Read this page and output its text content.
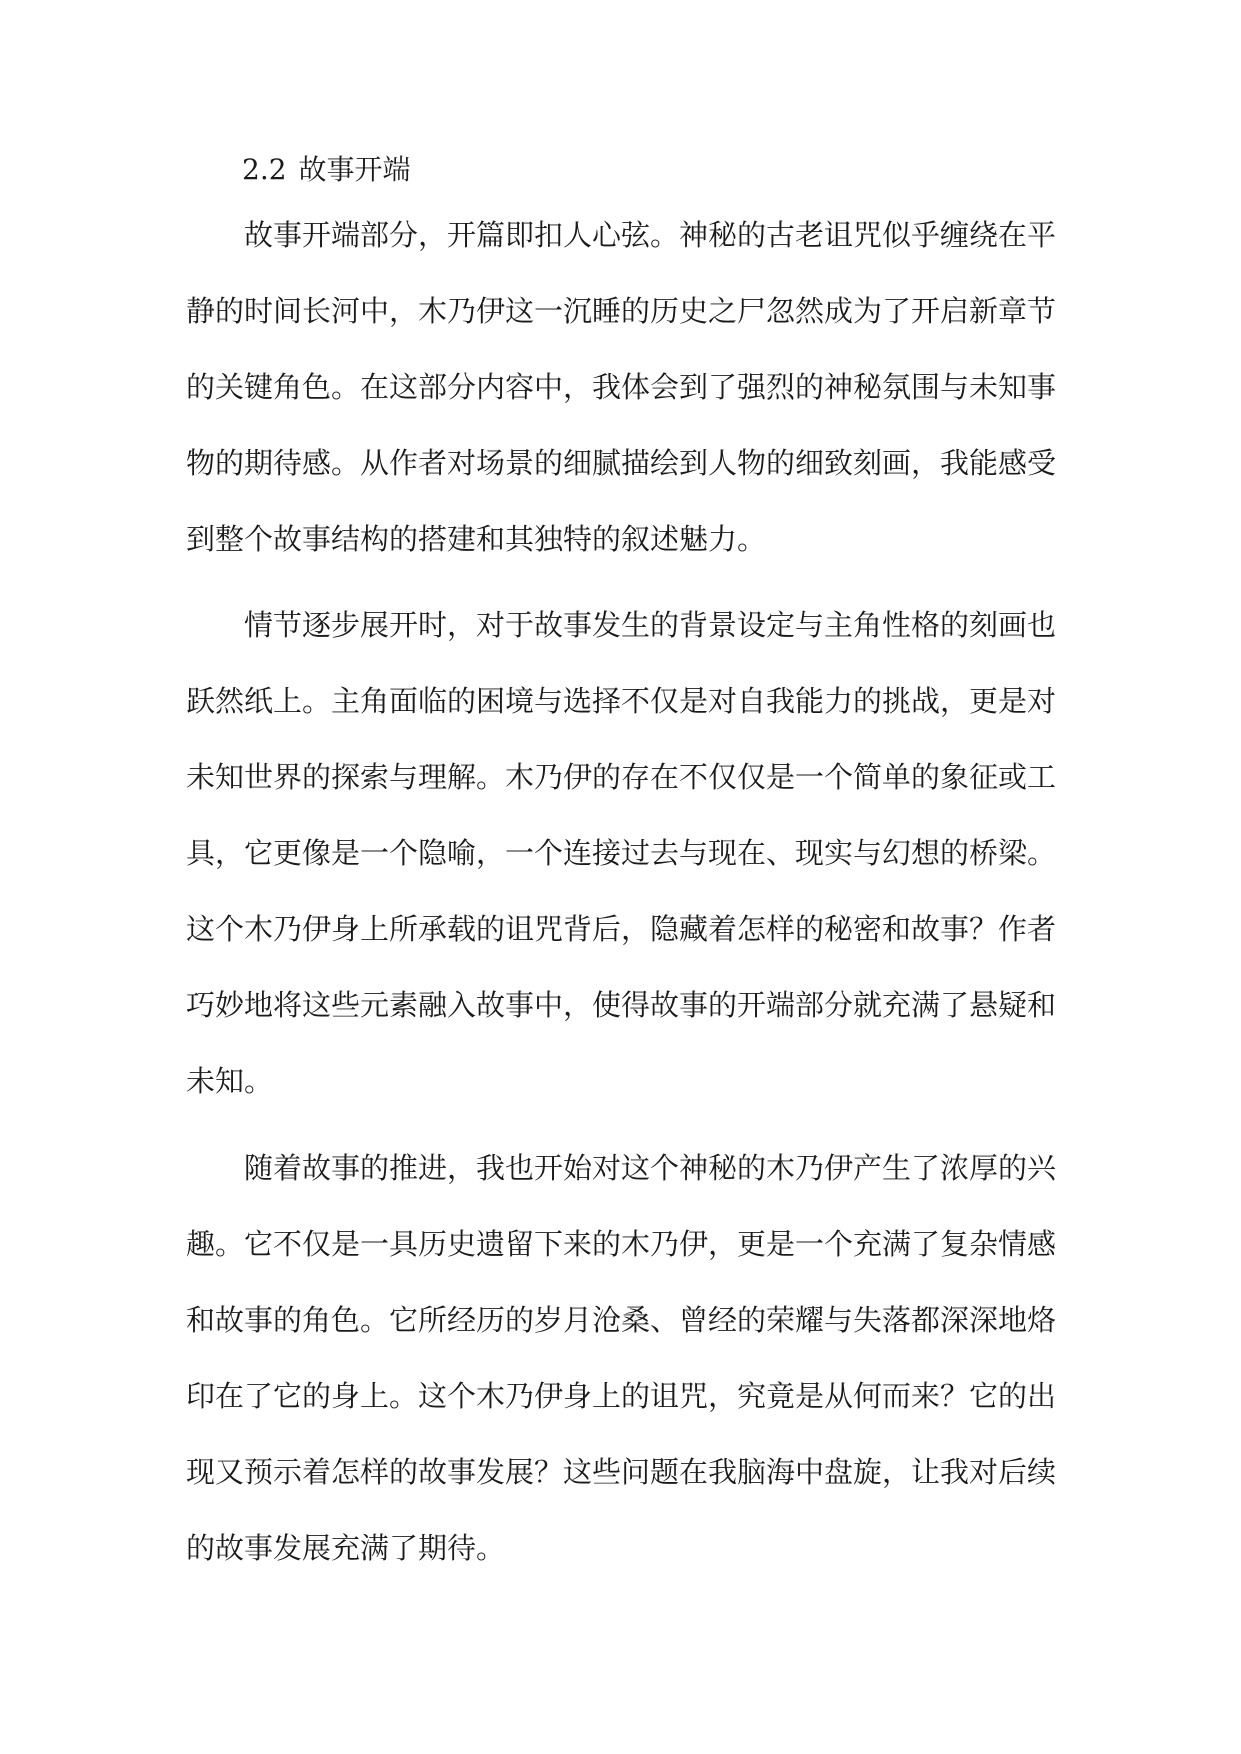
2.2 故事开端
故事开端部分，开篇即扣人心弦。神秘的古老诅咒似乎缠绕在平
静的时间长河中，木乃伊这一沉睡的历史之尸忽然成为了开启新章节
的关键角色。在这部分内容中，我体会到了强烈的神秘氛围与未知事
物的期待感。从作者对场景的细腻描绘到人物的细致刻画，我能感受
到整个故事结构的搭建和其独特的叙述魅力。
情节逐步展开时，对于故事发生的背景设定与主角性格的刻画也
跃然纸上。主角面临的困境与选择不仅是对自我能力的挑战，更是对
未知世界的探索与理解。木乃伊的存在不仅仅是一个简单的象征或工
具，它更像是一个隐喻，一个连接过去与现在、现实与幻想的桥梁。
这个木乃伊身上所承载的诅咒背后，隐藏着怎样的秘密和故事？作者
巧妙地将这些元素融入故事中，使得故事的开端部分就充满了悬疑和
未知。
随着故事的推进，我也开始对这个神秘的木乃伊产生了浓厚的兴
趣。它不仅是一具历史遗留下来的木乃伊，更是一个充满了复杂情感
和故事的角色。它所经历的岁月沧桑、曾经的荣耀与失落都深深地烙
印在了它的身上。这个木乃伊身上的诅咒，究竟是从何而来？它的出
现又预示着怎样的故事发展？这些问题在我脑海中盘旋，让我对后续
的故事发展充满了期待。
